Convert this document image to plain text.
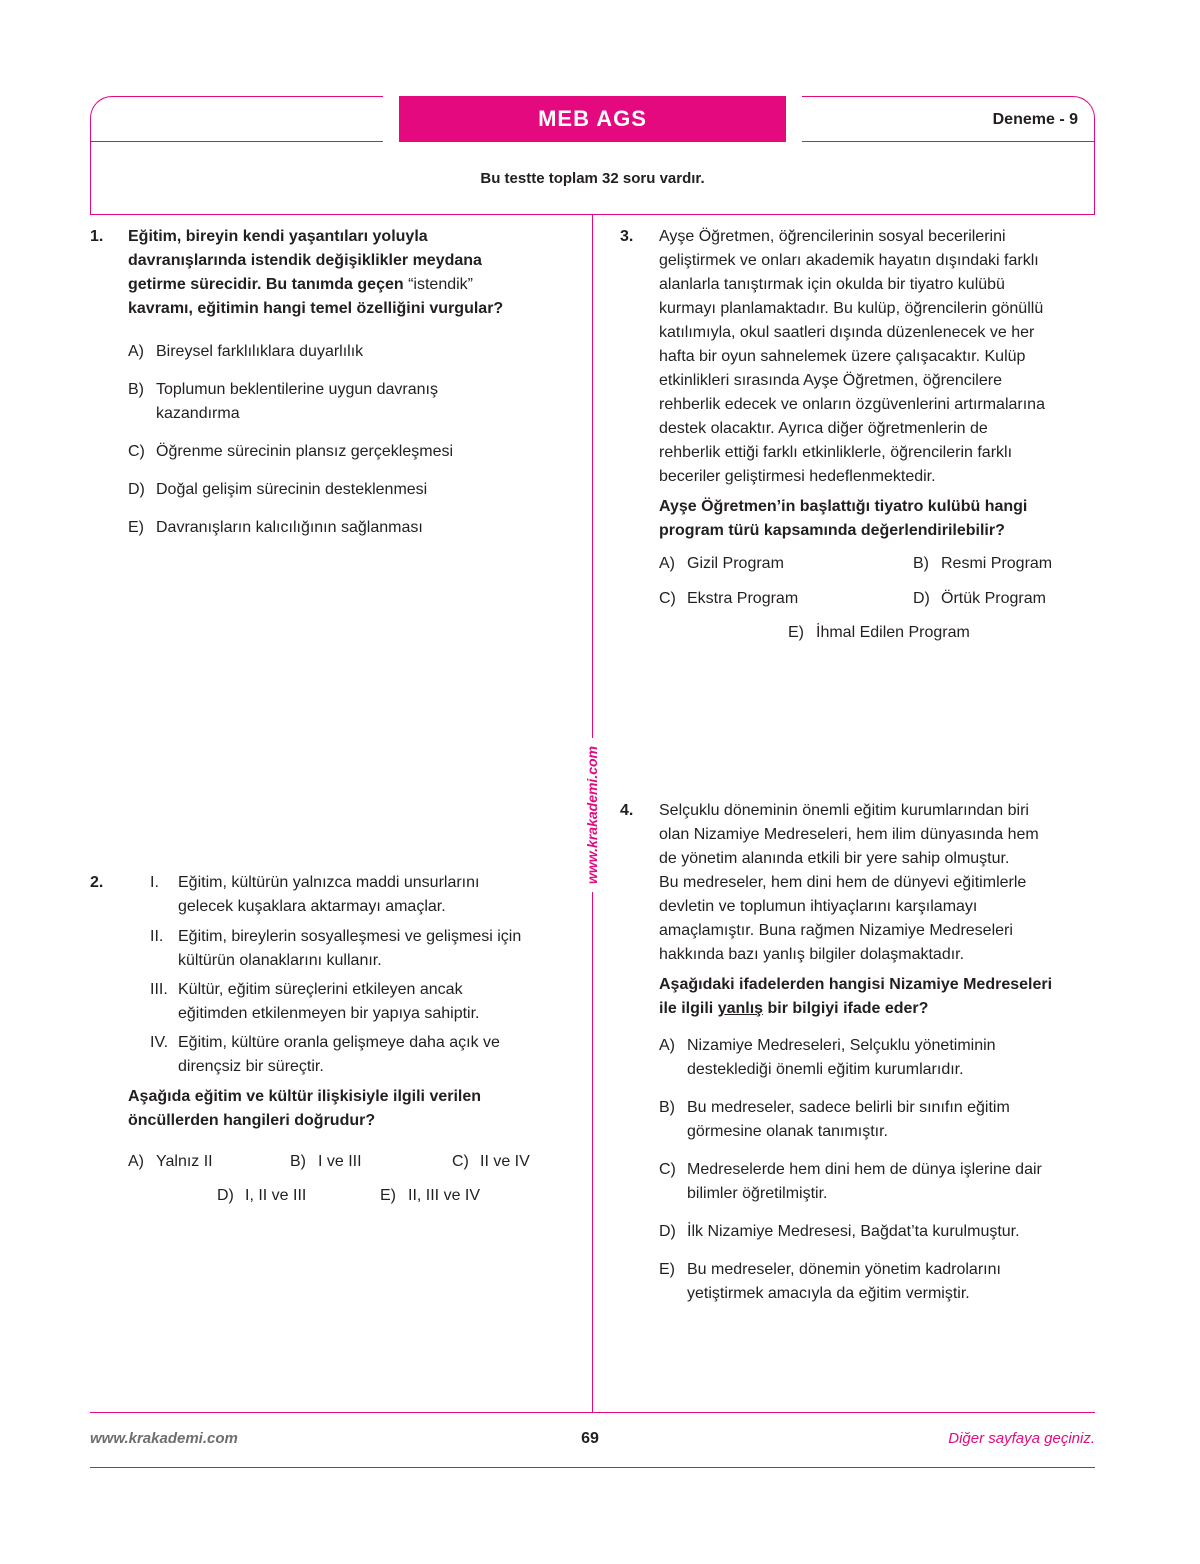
MEB AGS	Deneme - 9
Bu testte toplam 32 soru vardır.
www.krakademi.com
1. Eğitim, bireyin kendi yaşantıları yoluyla
davranışlarında istendik değişiklikler meydana
getirme sürecidir. Bu tanımda geçen “istendik”
kavramı, eğitimin hangi temel özelliğini vurgular?
A) Bireysel farklılıklara duyarlılık
B) Toplumun beklentilerine uygun davranış
kazandırma
C) Öğrenme sürecinin plansız gerçekleşmesi
D) Doğal gelişim sürecinin desteklenmesi
E) Davranışların kalıcılığının sağlanması
2.	I. Eğitim, kültürün yalnızca maddi unsurlarını
gelecek kuşaklara aktarmayı amaçlar.
II. Eğitim, bireylerin sosyalleşmesi ve gelişmesi için
kültürün olanaklarını kullanır.
III. Kültür, eğitim süreçlerini etkileyen ancak
eğitimden etkilenmeyen bir yapıya sahiptir.
IV. Eğitim, kültüre oranla gelişmeye daha açık ve
dirençsiz bir süreçtir.
Aşağıda eğitim ve kültür ilişkisiyle ilgili verilen
öncüllerden hangileri doğrudur?
A) Yalnız II	B) I ve III	C) II ve IV
D) I, II ve III	E) II, III ve IV
3. Ayşe Öğretmen, öğrencilerinin sosyal becerilerini
geliştirmek ve onları akademik hayatın dışındaki farklı
alanlarla tanıştırmak için okulda bir tiyatro kulübü
kurmayı planlamaktadır. Bu kulüp, öğrencilerin gönüllü
katılımıyla, okul saatleri dışında düzenlenecek ve her
hafta bir oyun sahnelemek üzere çalışacaktır. Kulüp
etkinlikleri sırasında Ayşe Öğretmen, öğrencilere
rehberlik edecek ve onların özgüvenlerini artırmalarına
destek olacaktır. Ayrıca diğer öğretmenlerin de
rehberlik ettiği farklı etkinliklerle, öğrencilerin farklı
beceriler geliştirmesi hedeflenmektedir.
Ayşe Öğretmen’in başlattığı tiyatro kulübü hangi
program türü kapsamında değerlendirilebilir?
A) Gizil Program	B) Resmi Program
C) Ekstra Program	D) Örtük Program
E) İhmal Edilen Program
4. Selçuklu döneminin önemli eğitim kurumlarından biri
olan Nizamiye Medreseleri, hem ilim dünyasında hem
de yönetim alanında etkili bir yere sahip olmuştur.
Bu medreseler, hem dini hem de dünyevi eğitimlerle
devletin ve toplumun ihtiyaçlarını karşılamayı
amaçlamıştır. Buna rağmen Nizamiye Medreseleri
hakkında bazı yanlış bilgiler dolaşmaktadır.
Aşağıdaki ifadelerden hangisi Nizamiye Medreseleri
ile ilgili yanlış bir bilgiyi ifade eder?
A) Nizamiye Medreseleri, Selçuklu yönetiminin
desteklediği önemli eğitim kurumlarıdır.
B) Bu medreseler, sadece belirli bir sınıfın eğitim
görmesine olanak tanımıştır.
C) Medreselerde hem dini hem de dünya işlerine dair
bilimler öğretilmiştir.
D) İlk Nizamiye Medresesi, Bağdat’ta kurulmuştur.
E) Bu medreseler, dönemin yönetim kadrolarını
yetiştirmek amacıyla da eğitim vermiştir.
www.krakademi.com	69	Diğer sayfaya geçiniz.
